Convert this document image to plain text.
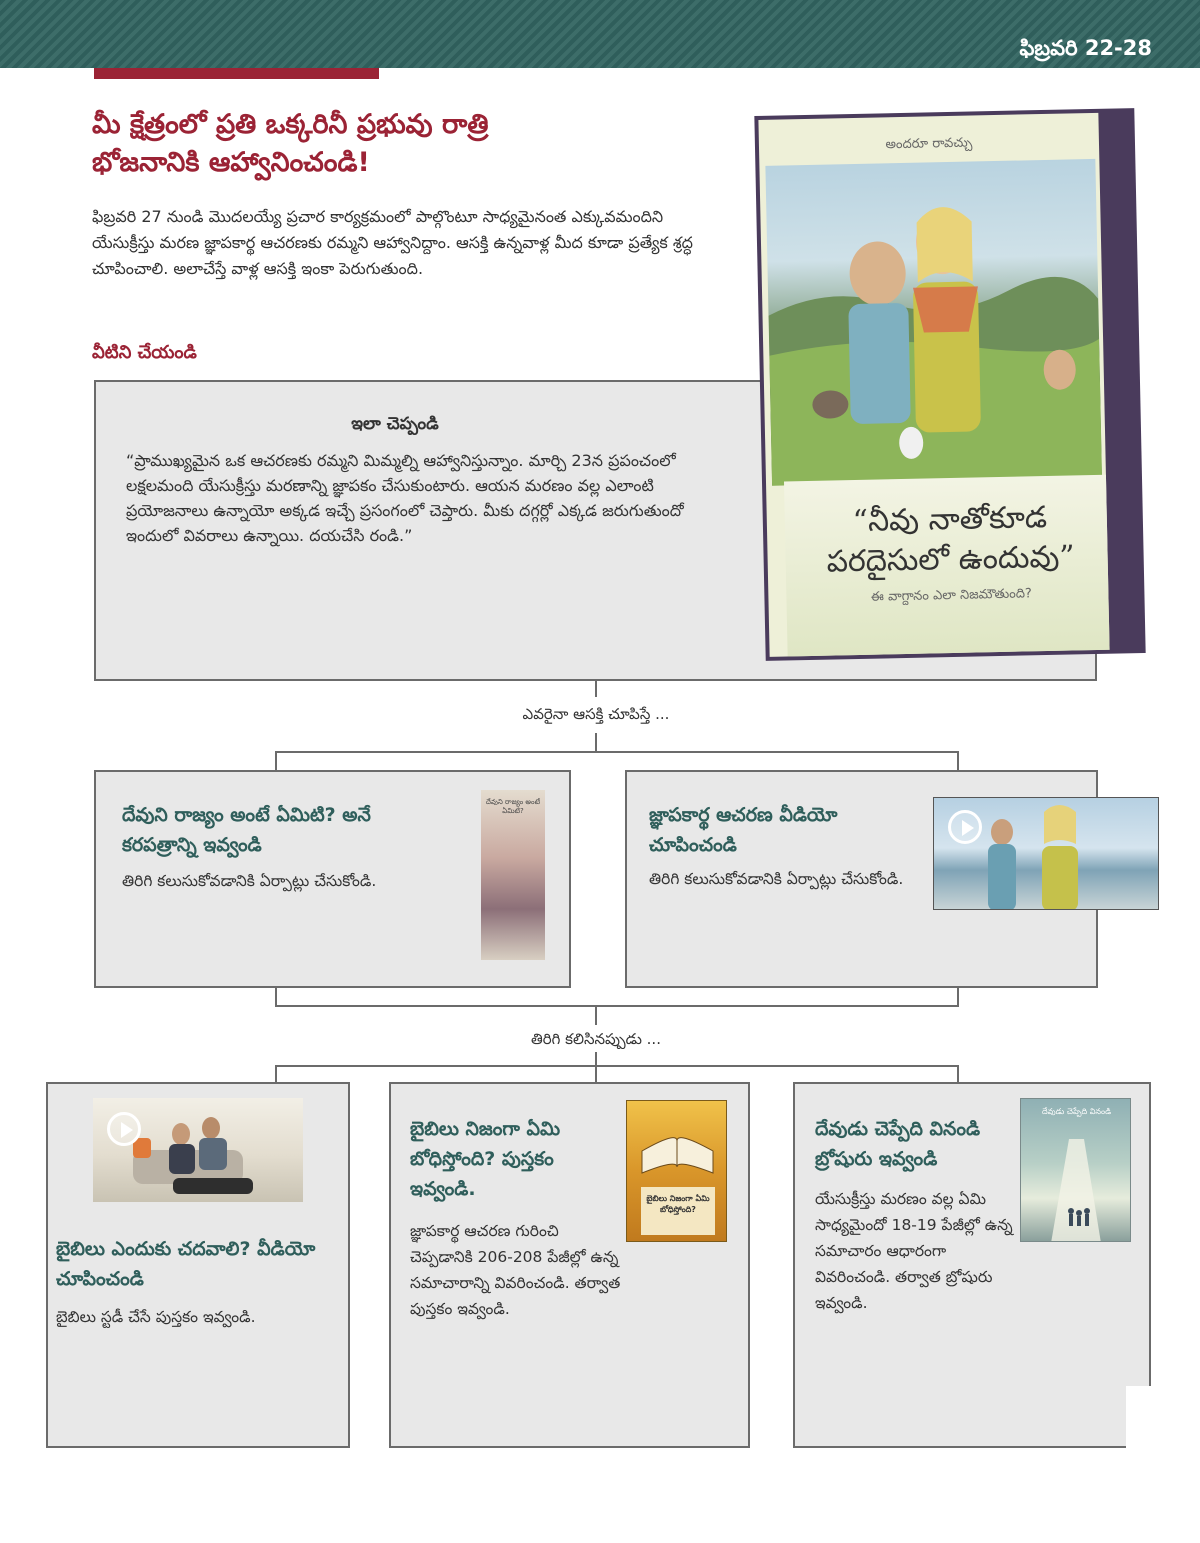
ఫిబ్రవరి 22-28
మీ క్షేత్రంలో ప్రతి ఒక్కరినీ ప్రభువు రాత్రి
భోజనానికి ఆహ్వానించండి!
ఫిబ్రవరి 27 నుండి మొదలయ్యే ప్రచార కార్యక్రమంలో పాల్గొంటూ సాధ్యమైనంత ఎక్కువమందిని యేసుక్రీస్తు మరణ జ్ఞాపకార్థ ఆచరణకు రమ్మని ఆహ్వానిద్దాం. ఆసక్తి ఉన్నవాళ్ల మీద కూడా ప్రత్యేక శ్రద్ధ చూపించాలి. అలాచేస్తే వాళ్ల ఆసక్తి ఇంకా పెరుగుతుంది.
వీటిని చేయండి
ఇలా చెప్పండి
“ప్రాముఖ్యమైన ఒక ఆచరణకు రమ్మని మిమ్మల్ని ఆహ్వానిస్తున్నాం. మార్చి 23న ప్రపంచంలో లక్షలమంది యేసుక్రీస్తు మరణాన్ని జ్ఞాపకం చేసుకుంటారు. ఆయన మరణం వల్ల ఎలాంటి ప్రయోజనాలు ఉన్నాయో అక్కడ ఇచ్చే ప్రసంగంలో చెప్తారు. మీకు దగ్గర్లో ఎక్కడ జరుగుతుందో ఇందులో వివరాలు ఉన్నాయి. దయచేసి రండి.”
అందరూ రావచ్చు
“నీవు నాతోకూడ పరదైసులో ఉందువు”
ఈ వాగ్దానం ఎలా నిజమౌతుంది?
ఎవరైనా ఆసక్తి చూపిస్తే ...
దేవుని రాజ్యం అంటే ఏమిటి? అనే కరపత్రాన్ని ఇవ్వండి
తిరిగి కలుసుకోవడానికి ఏర్పాట్లు చేసుకోండి.
దేవుని రాజ్యం అంటే ఏమిటి?	జ్ఞాపకార్థ ఆచరణ వీడియో చూపించండి
తిరిగి కలుసుకోవడానికి ఏర్పాట్లు చేసుకోండి.
తిరిగి కలిసినప్పుడు ...
బైబిలు ఎందుకు చదవాలి? వీడియో చూపించండి
బైబిలు స్టడీ చేసే పుస్తకం ఇవ్వండి.
బైబిలు నిజంగా ఏమి బోధిస్తోంది? పుస్తకం ఇవ్వండి.
జ్ఞాపకార్థ ఆచరణ గురించి చెప్పడానికి 206-208 పేజీల్లో ఉన్న సమాచారాన్ని వివరించండి. తర్వాత పుస్తకం ఇవ్వండి.
బైబిలు నిజంగా ఏమి బోధిస్తోంది?
దేవుడు చెప్పేది వినండి బ్రోషురు ఇవ్వండి
యేసుక్రీస్తు మరణం వల్ల ఏమి సాధ్యమైందో 18-19 పేజీల్లో ఉన్న సమాచారం ఆధారంగా వివరించండి. తర్వాత బ్రోషురు ఇవ్వండి.
దేవుడు చెప్పేది వినండి
